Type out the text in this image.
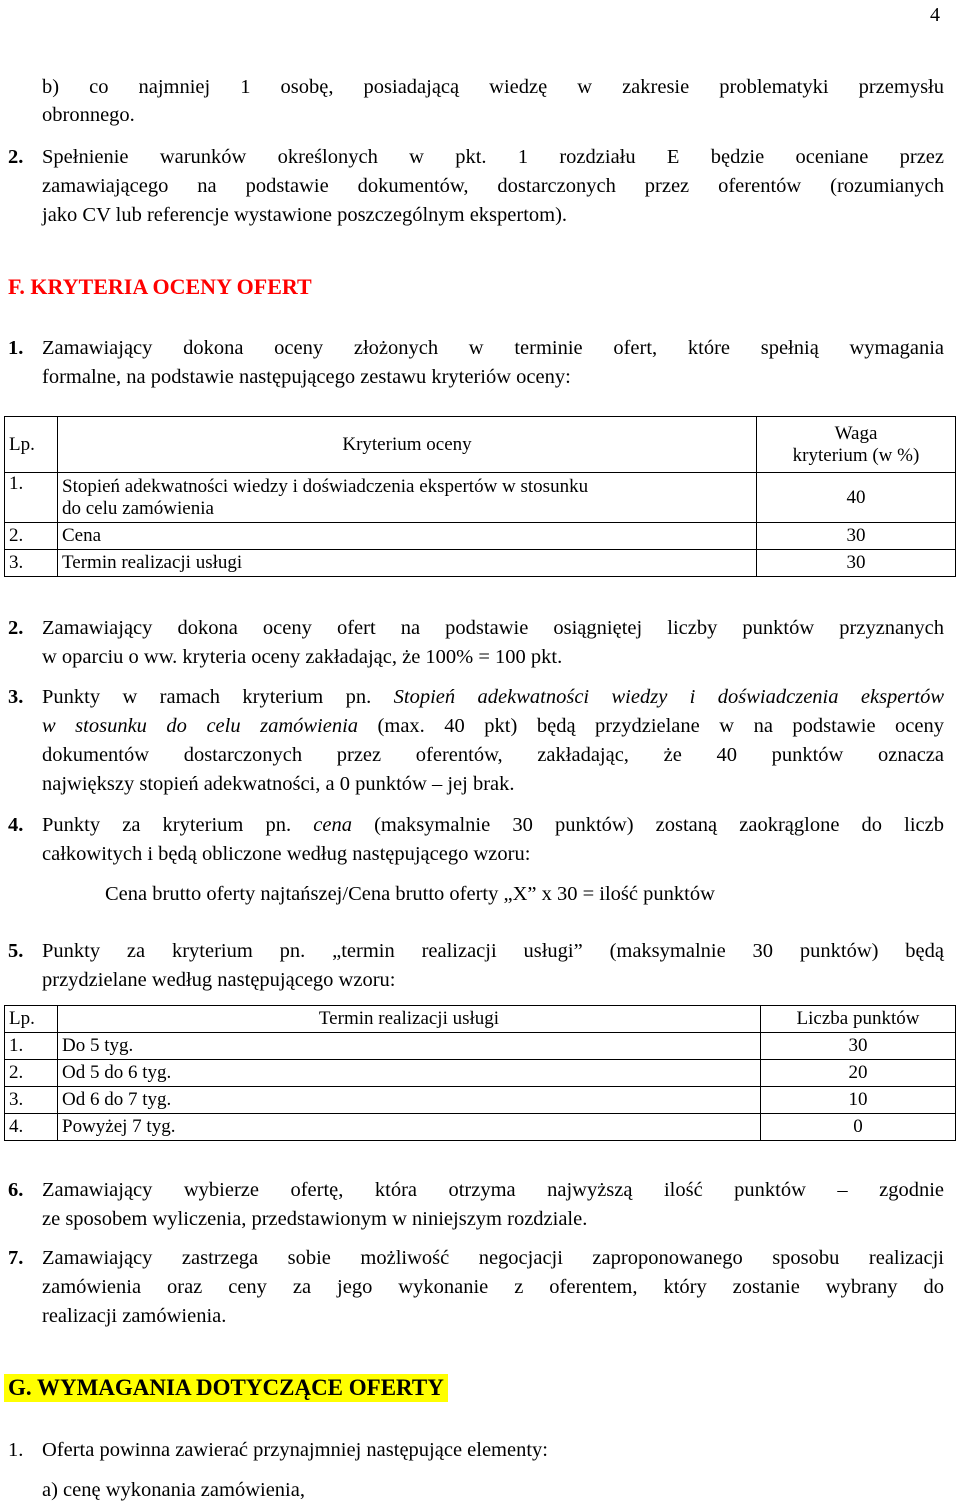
4
b) co najmniej 1 osobę, posiadającą wiedzę w zakresie problematyki przemysłu
obronnego.
2. Spełnienie warunków określonych w pkt. 1 rozdziału E będzie oceniane przez
zamawiającego na podstawie dokumentów, dostarczonych przez oferentów (rozumianych
jako CV lub referencje wystawione poszczególnym ekspertom).
F. KRYTERIA OCENY OFERT
1. Zamawiający dokona oceny złożonych w terminie ofert, które spełnią wymagania
formalne, na podstawie następującego zestawu kryteriów oceny:
Lp.	Kryterium oceny	Waga
kryterium (w %)

1.	Stopień adekwatności wiedzy i doświadczenia ekspertów w stosunku
do celu zamówienia	40
2.	Cena	30
3.	Termin realizacji usługi	30
2. Zamawiający dokona oceny ofert na podstawie osiągniętej liczby punktów przyznanych
w oparciu o ww. kryteria oceny zakładając, że 100% = 100 pkt.
3. Punkty w ramach kryterium pn. Stopień adekwatności wiedzy i doświadczenia ekspertów
w stosunku do celu zamówienia (max. 40 pkt) będą przydzielane w na podstawie oceny
dokumentów dostarczonych przez oferentów, zakładając, że 40 punktów oznacza
największy stopień adekwatności, a 0 punktów – jej brak.
4. Punkty za kryterium pn. cena (maksymalnie 30 punktów) zostaną zaokrąglone do liczb
całkowitych i będą obliczone według następującego wzoru:
Cena brutto oferty najtańszej/Cena brutto oferty „X” x 30 = ilość punktów
5. Punkty za kryterium pn. „termin realizacji usługi” (maksymalnie 30 punktów) będą
przydzielane według następującego wzoru:
Lp.	Termin realizacji usługi	Liczba punktów
1.	Do 5 tyg.	30
2.	Od 5 do 6 tyg.	20
3.	Od 6 do 7 tyg.	10
4.	Powyżej 7 tyg.	0
6. Zamawiający wybierze ofertę, która otrzyma najwyższą ilość punktów – zgodnie
ze sposobem wyliczenia, przedstawionym w niniejszym rozdziale.
7. Zamawiający zastrzega sobie możliwość negocjacji zaproponowanego sposobu realizacji
zamówienia oraz ceny za jego wykonanie z oferentem, który zostanie wybrany do
realizacji zamówienia.
G. WYMAGANIA DOTYCZĄCE OFERTY
1. Oferta powinna zawierać przynajmniej następujące elementy:
a) cenę wykonania zamówienia,
